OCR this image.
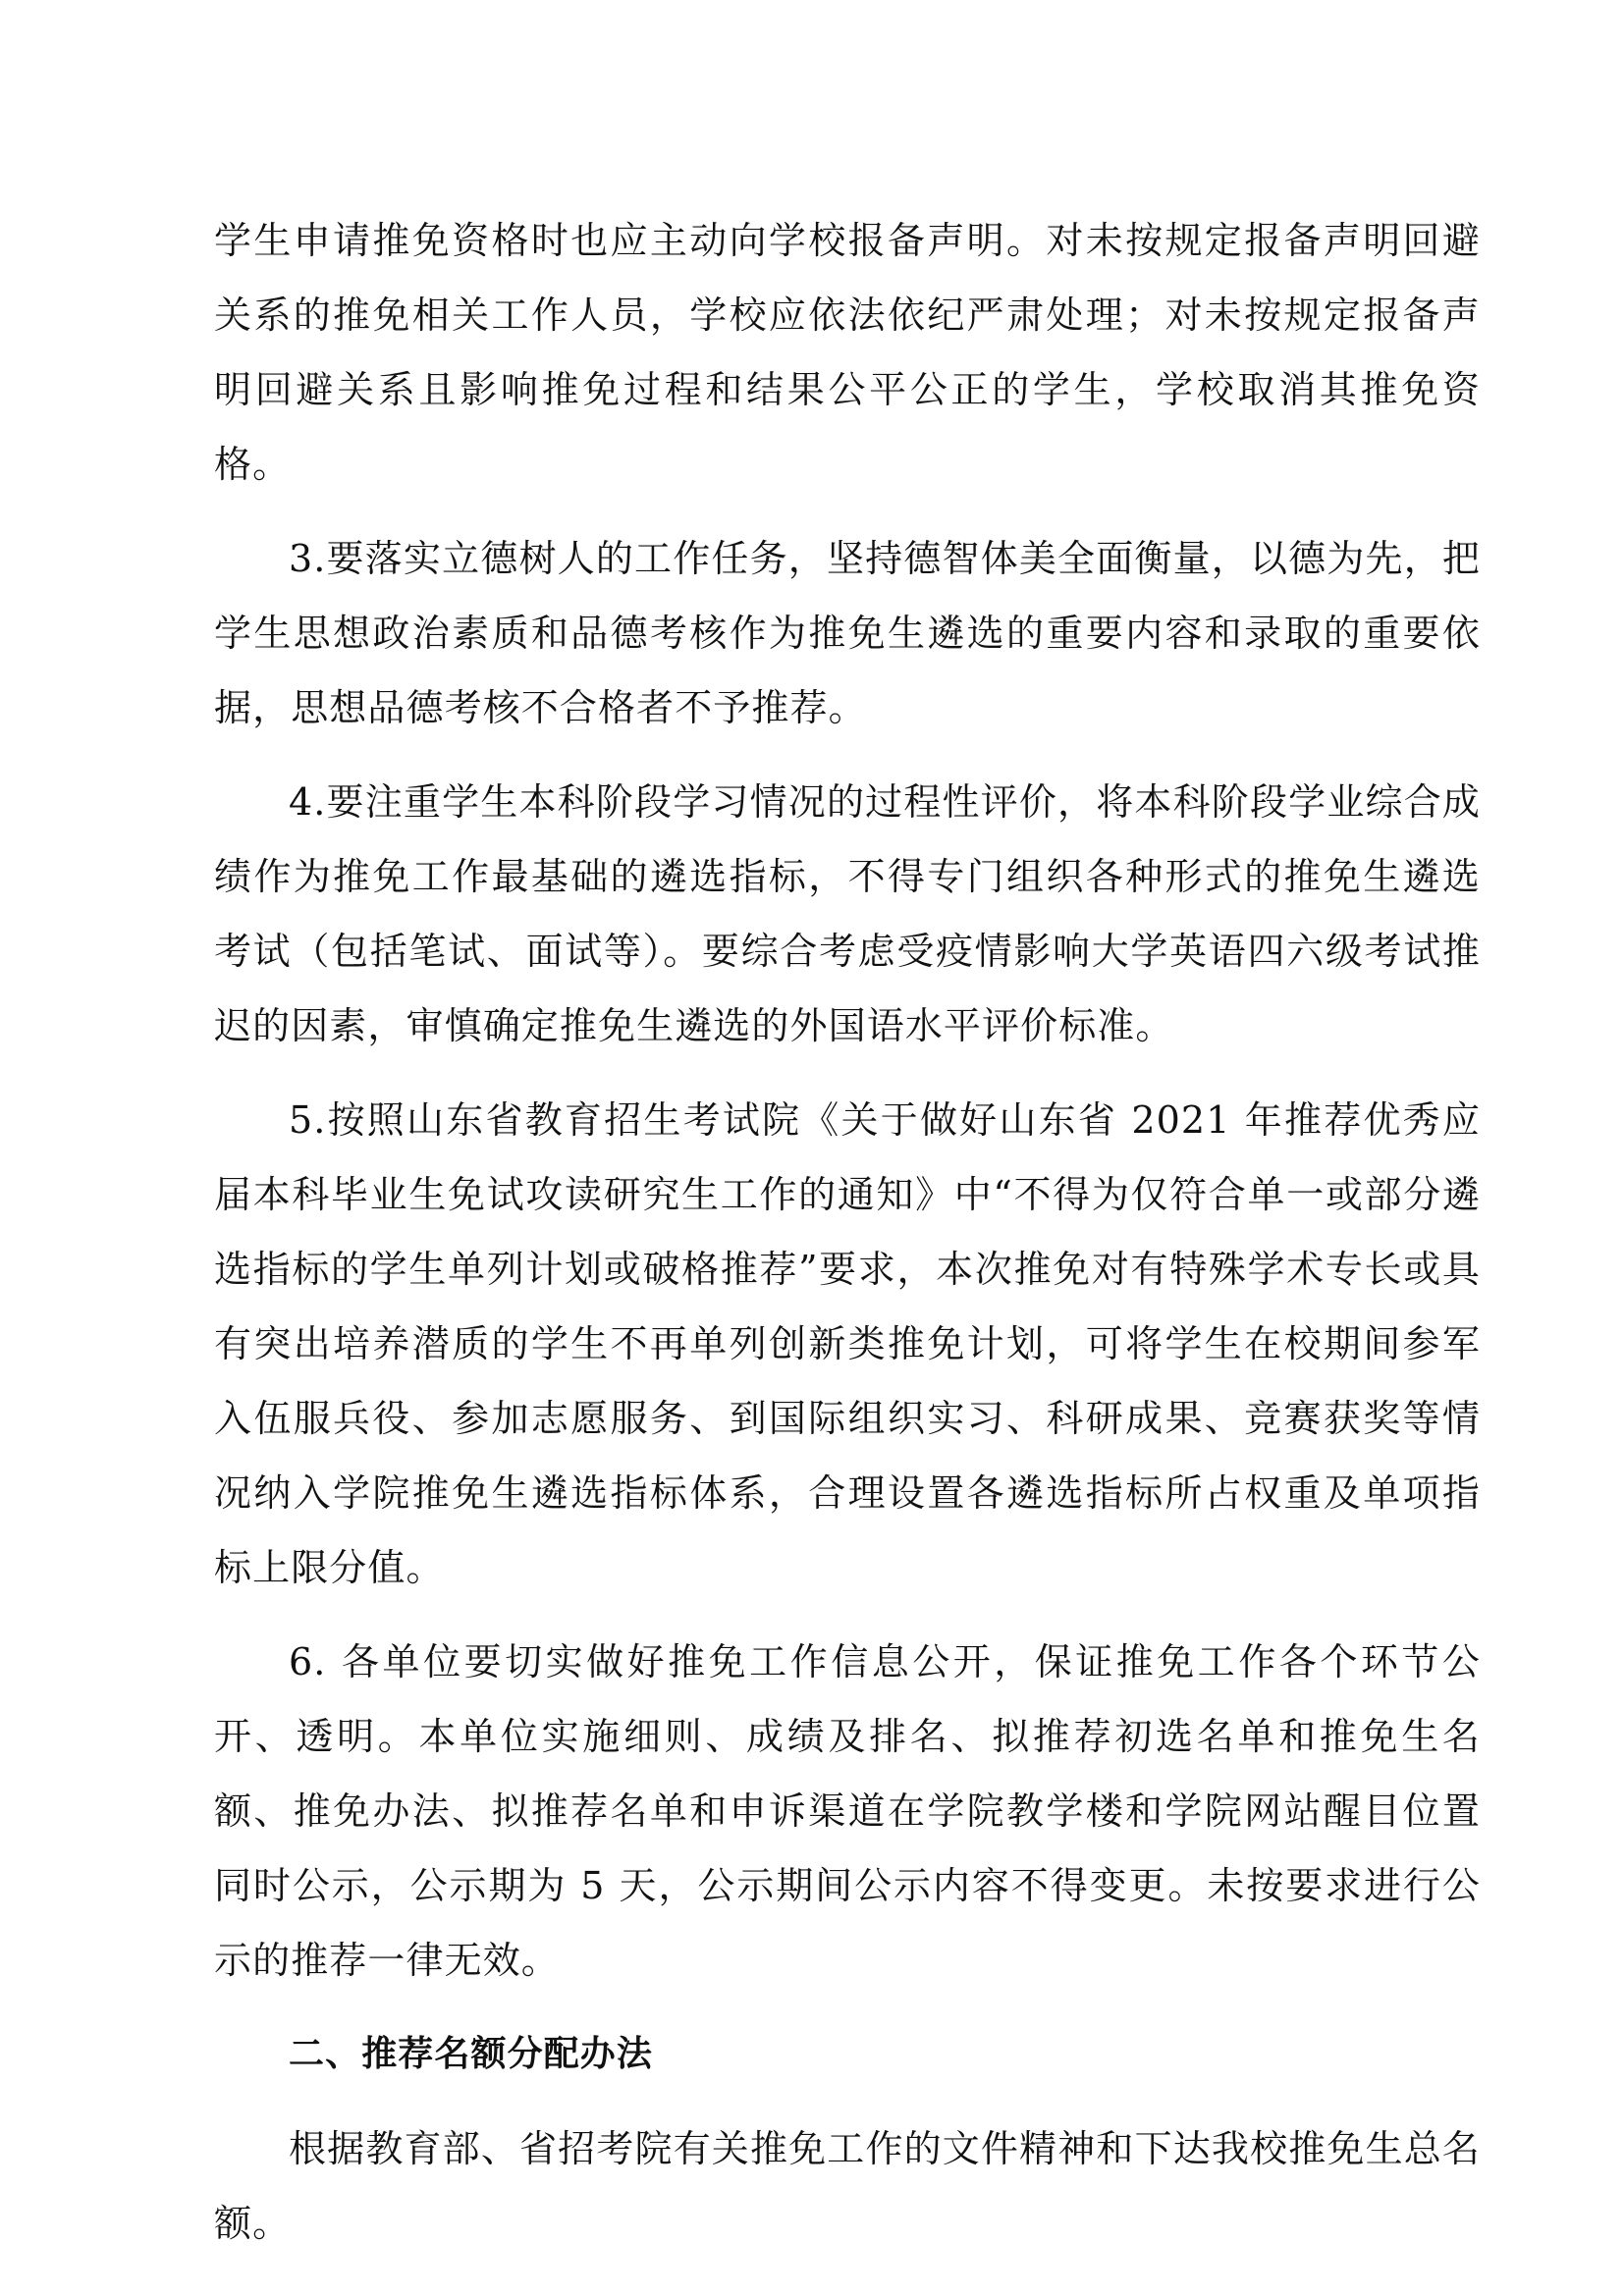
学生申请推免资格时也应主动向学校报备声明。对未按规定报备声明回避关系的推免相关工作人员，学校应依法依纪严肃处理；对未按规定报备声明回避关系且影响推免过程和结果公平公正的学生，学校取消其推免资格。

3.要落实立德树人的工作任务，坚持德智体美全面衡量，以德为先，把学生思想政治素质和品德考核作为推免生遴选的重要内容和录取的重要依据，思想品德考核不合格者不予推荐。

4.要注重学生本科阶段学习情况的过程性评价，将本科阶段学业综合成绩作为推免工作最基础的遴选指标，不得专门组织各种形式的推免生遴选考试（包括笔试、面试等）。要综合考虑受疫情影响大学英语四六级考试推迟的因素，审慎确定推免生遴选的外国语水平评价标准。

5.按照山东省教育招生考试院《关于做好山东省 2021 年推荐优秀应届本科毕业生免试攻读研究生工作的通知》中“不得为仅符合单一或部分遴选指标的学生单列计划或破格推荐”要求，本次推免对有特殊学术专长或具有突出培养潜质的学生不再单列创新类推免计划，可将学生在校期间参军入伍服兵役、参加志愿服务、到国际组织实习、科研成果、竞赛获奖等情况纳入学院推免生遴选指标体系，合理设置各遴选指标所占权重及单项指标上限分值。

6. 各单位要切实做好推免工作信息公开，保证推免工作各个环节公开、透明。本单位实施细则、成绩及排名、拟推荐初选名单和推免生名额、推免办法、拟推荐名单和申诉渠道在学院教学楼和学院网站醒目位置同时公示，公示期为 5 天，公示期间公示内容不得变更。未按要求进行公示的推荐一律无效。

二、推荐名额分配办法

根据教育部、省招考院有关推免工作的文件精神和下达我校推免生总名额。
